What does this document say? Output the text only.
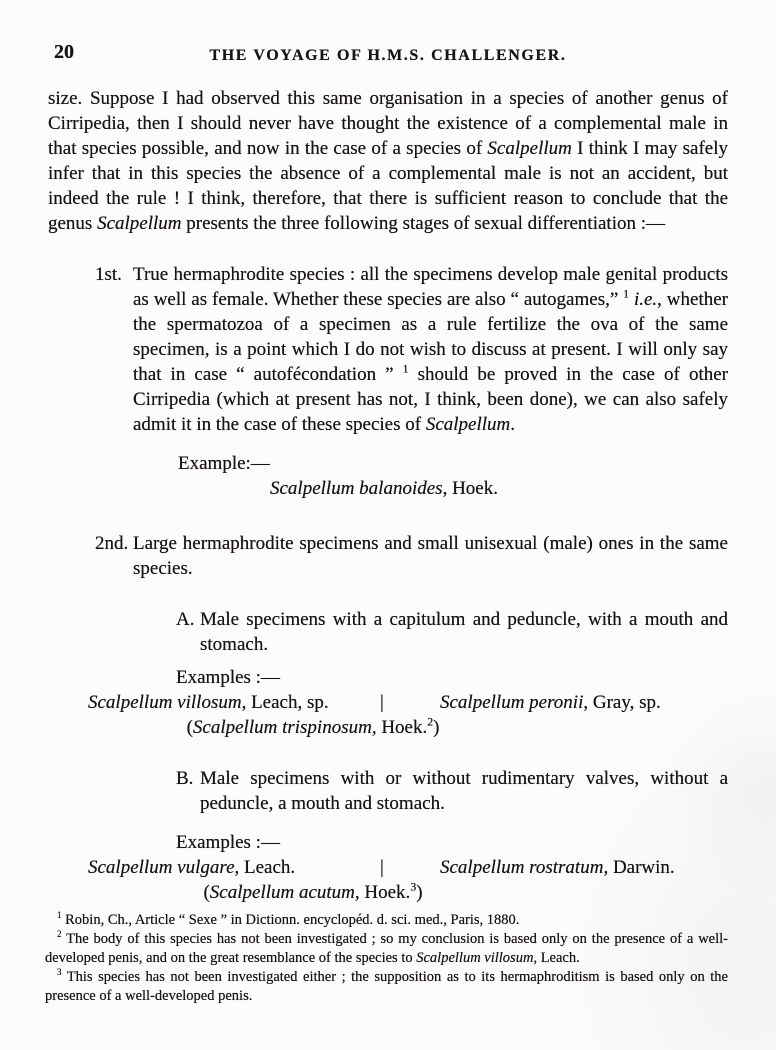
20	THE VOYAGE OF H.M.S. CHALLENGER.
size. Suppose I had observed this same organisation in a species of another genus of Cirripedia, then I should never have thought the existence of a complemental male in that species possible, and now in the case of a species of Scalpellum I think I may safely infer that in this species the absence of a complemental male is not an accident, but indeed the rule ! I think, therefore, that there is sufficient reason to conclude that the genus Scalpellum presents the three following stages of sexual differentiation :—
1st. True hermaphrodite species : all the specimens develop male genital products as well as female. Whether these species are also “ autogames,” $^1$ i.e., whether the spermatozoa of a specimen as a rule fertilize the ova of the same specimen, is a point which I do not wish to discuss at present. I will only say that in case “ autofécondation ” $^1$ should be proved in the case of other Cirripedia (which at present has not, I think, been done), we can also safely admit it in the case of these species of Scalpellum.
Example:—
Scalpellum balanoides, Hoek.
2nd. Large hermaphrodite specimens and small unisexual (male) ones in the same species.
A. Male specimens with a capitulum and peduncle, with a mouth and stomach.
Examples :—
Scalpellum villosum, Leach, sp.	|	Scalpellum peronii, Gray, sp.
(Scalpellum trispinosum, Hoek.$^2$)
B. Male specimens with or without rudimentary valves, without a peduncle, a mouth and stomach.
Examples :—
Scalpellum vulgare, Leach.	|	Scalpellum rostratum, Darwin.
(Scalpellum acutum, Hoek.$^3$)

$^1$ Robin, Ch., Article “ Sexe ” in Dictionn. encyclopéd. d. sci. med., Paris, 1880.

$^2$ The body of this species has not been investigated ; so my conclusion is based only on the presence of a well-developed penis, and on the great resemblance of the species to Scalpellum villosum, Leach.

$^3$ This species has not been investigated either ; the supposition as to its hermaphroditism is based only on the presence of a well-developed penis.
